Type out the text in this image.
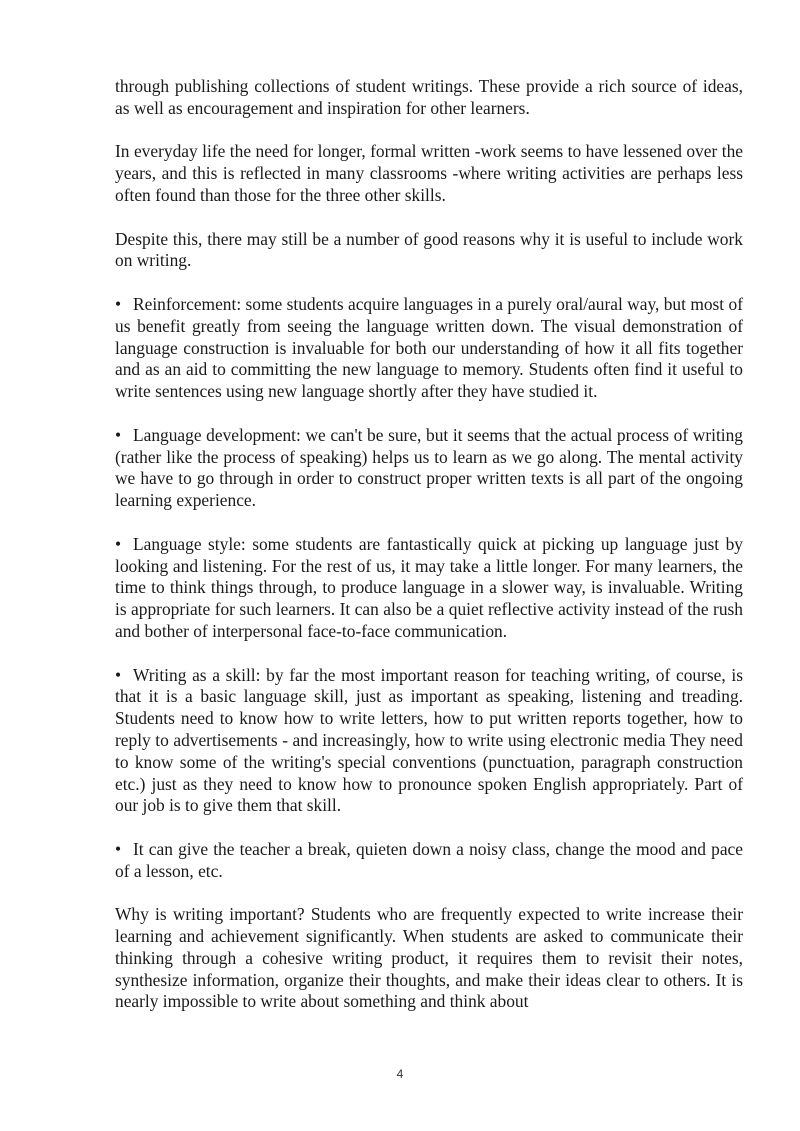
through publishing collections of student writings. These provide a rich source of ideas, as well as encouragement and inspiration for other learners.

In everyday life the need for longer, formal written -work seems to have lessened over the years, and this is reflected in many classrooms -where writing activities are perhaps less often found than those for the three other skills.

Despite this, there may still be a number of good reasons why it is useful to include work on writing.

• Reinforcement: some students acquire languages in a purely oral/aural way, but most of us benefit greatly from seeing the language written down. The visual demonstration of language construction is invaluable for both our understanding of how it all fits together and as an aid to committing the new language to memory. Students often find it useful to write sentences using new language shortly after they have studied it.

• Language development: we can't be sure, but it seems that the actual process of writing (rather like the process of speaking) helps us to learn as we go along. The mental activity we have to go through in order to construct proper written texts is all part of the ongoing learning experience.

• Language style: some students are fantastically quick at picking up language just by looking and listening. For the rest of us, it may take a little longer. For many learners, the time to think things through, to produce language in a slower way, is invaluable. Writing is appropriate for such learners. It can also be a quiet reflective activity instead of the rush and bother of interpersonal face-to-face communication.

• Writing as a skill: by far the most important reason for teaching writing, of course, is that it is a basic language skill, just as important as speaking, listening and treading. Students need to know how to write letters, how to put written reports together, how to reply to advertisements - and increasingly, how to write using electronic media They need to know some of the writing's special conventions (punctuation, paragraph construction etc.) just as they need to know how to pronounce spoken English appropriately. Part of our job is to give them that skill.

• It can give the teacher a break, quieten down a noisy class, change the mood and pace of a lesson, etc.

Why is writing important? Students who are frequently expected to write increase their learning and achievement significantly. When students are asked to communicate their thinking through a cohesive writing product, it requires them to revisit their notes, synthesize information, organize their thoughts, and make their ideas clear to others. It is nearly impossible to write about something and think about

4
